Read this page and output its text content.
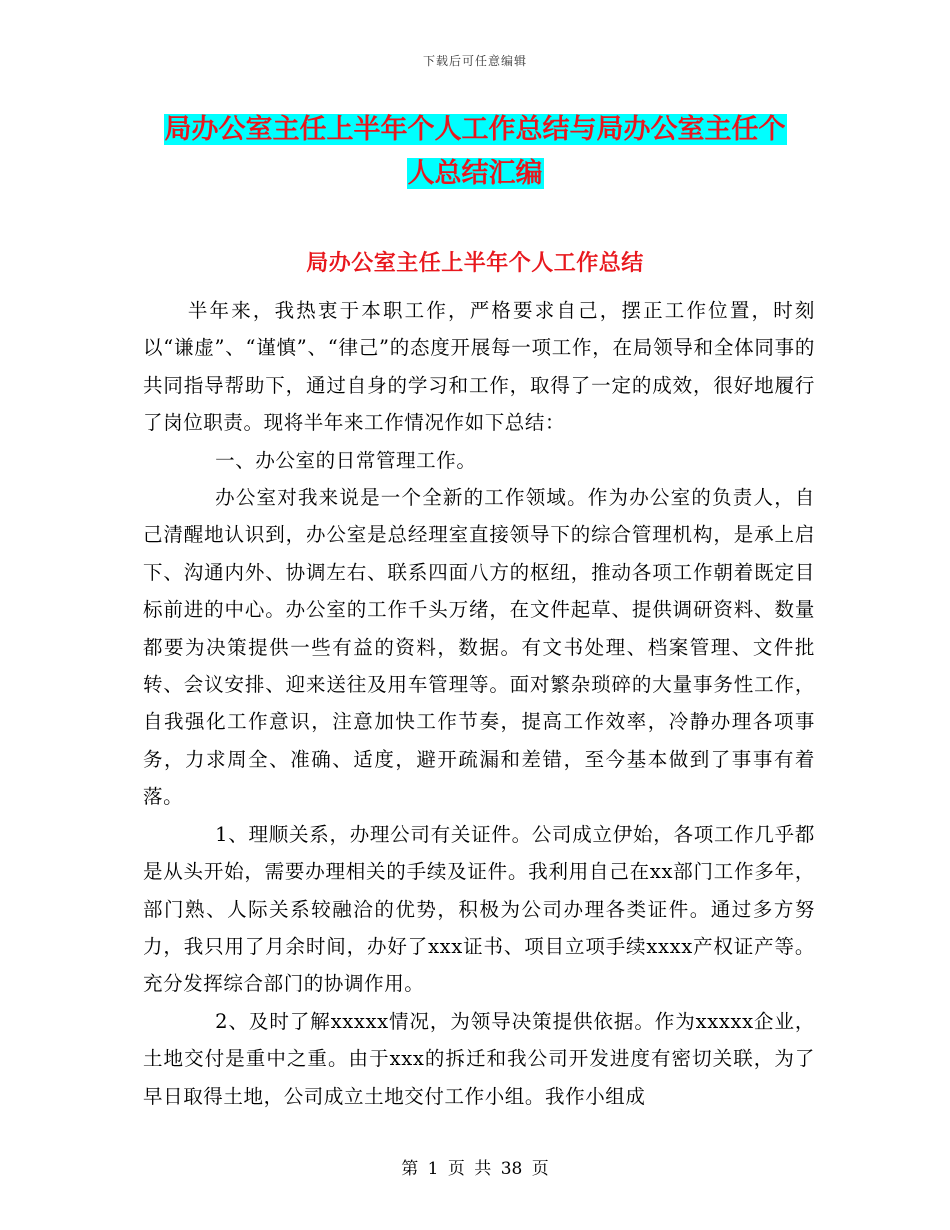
下载后可任意编辑
局办公室主任上半年个人工作总结与局办公室主任个
人总结汇编
局办公室主任上半年个人工作总结

半年来，我热衷于本职工作，严格要求自己，摆正工作位置，时刻以“谦虚”、“谨慎”、“律己”的态度开展每一项工作，在局领导和全体同事的共同指导帮助下，通过自身的学习和工作，取得了一定的成效，很好地履行了岗位职责。现将半年来工作情况作如下总结：

一、办公室的日常管理工作。

办公室对我来说是一个全新的工作领域。作为办公室的负责人，自己清醒地认识到，办公室是总经理室直接领导下的综合管理机构，是承上启下、沟通内外、协调左右、联系四面八方的枢纽，推动各项工作朝着既定目标前进的中心。办公室的工作千头万绪，在文件起草、提供调研资料、数量都要为决策提供一些有益的资料，数据。有文书处理、档案管理、文件批转、会议安排、迎来送往及用车管理等。面对繁杂琐碎的大量事务性工作，自我强化工作意识，注意加快工作节奏，提高工作效率，冷静办理各项事务，力求周全、准确、适度，避开疏漏和差错，至今基本做到了事事有着落。

1、理顺关系，办理公司有关证件。公司成立伊始，各项工作几乎都是从头开始，需要办理相关的手续及证件。我利用自己在xx部门工作多年，部门熟、人际关系较融洽的优势，积极为公司办理各类证件。通过多方努力，我只用了月余时间，办好了xxx证书、项目立项手续xxxx产权证产等。充分发挥综合部门的协调作用。

2、及时了解xxxxx情况，为领导决策提供依据。作为xxxxx企业，土地交付是重中之重。由于xxx的拆迁和我公司开发进度有密切关联，为了早日取得土地，公司成立土地交付工作小组。我作小组成

第 1 页 共 38 页
